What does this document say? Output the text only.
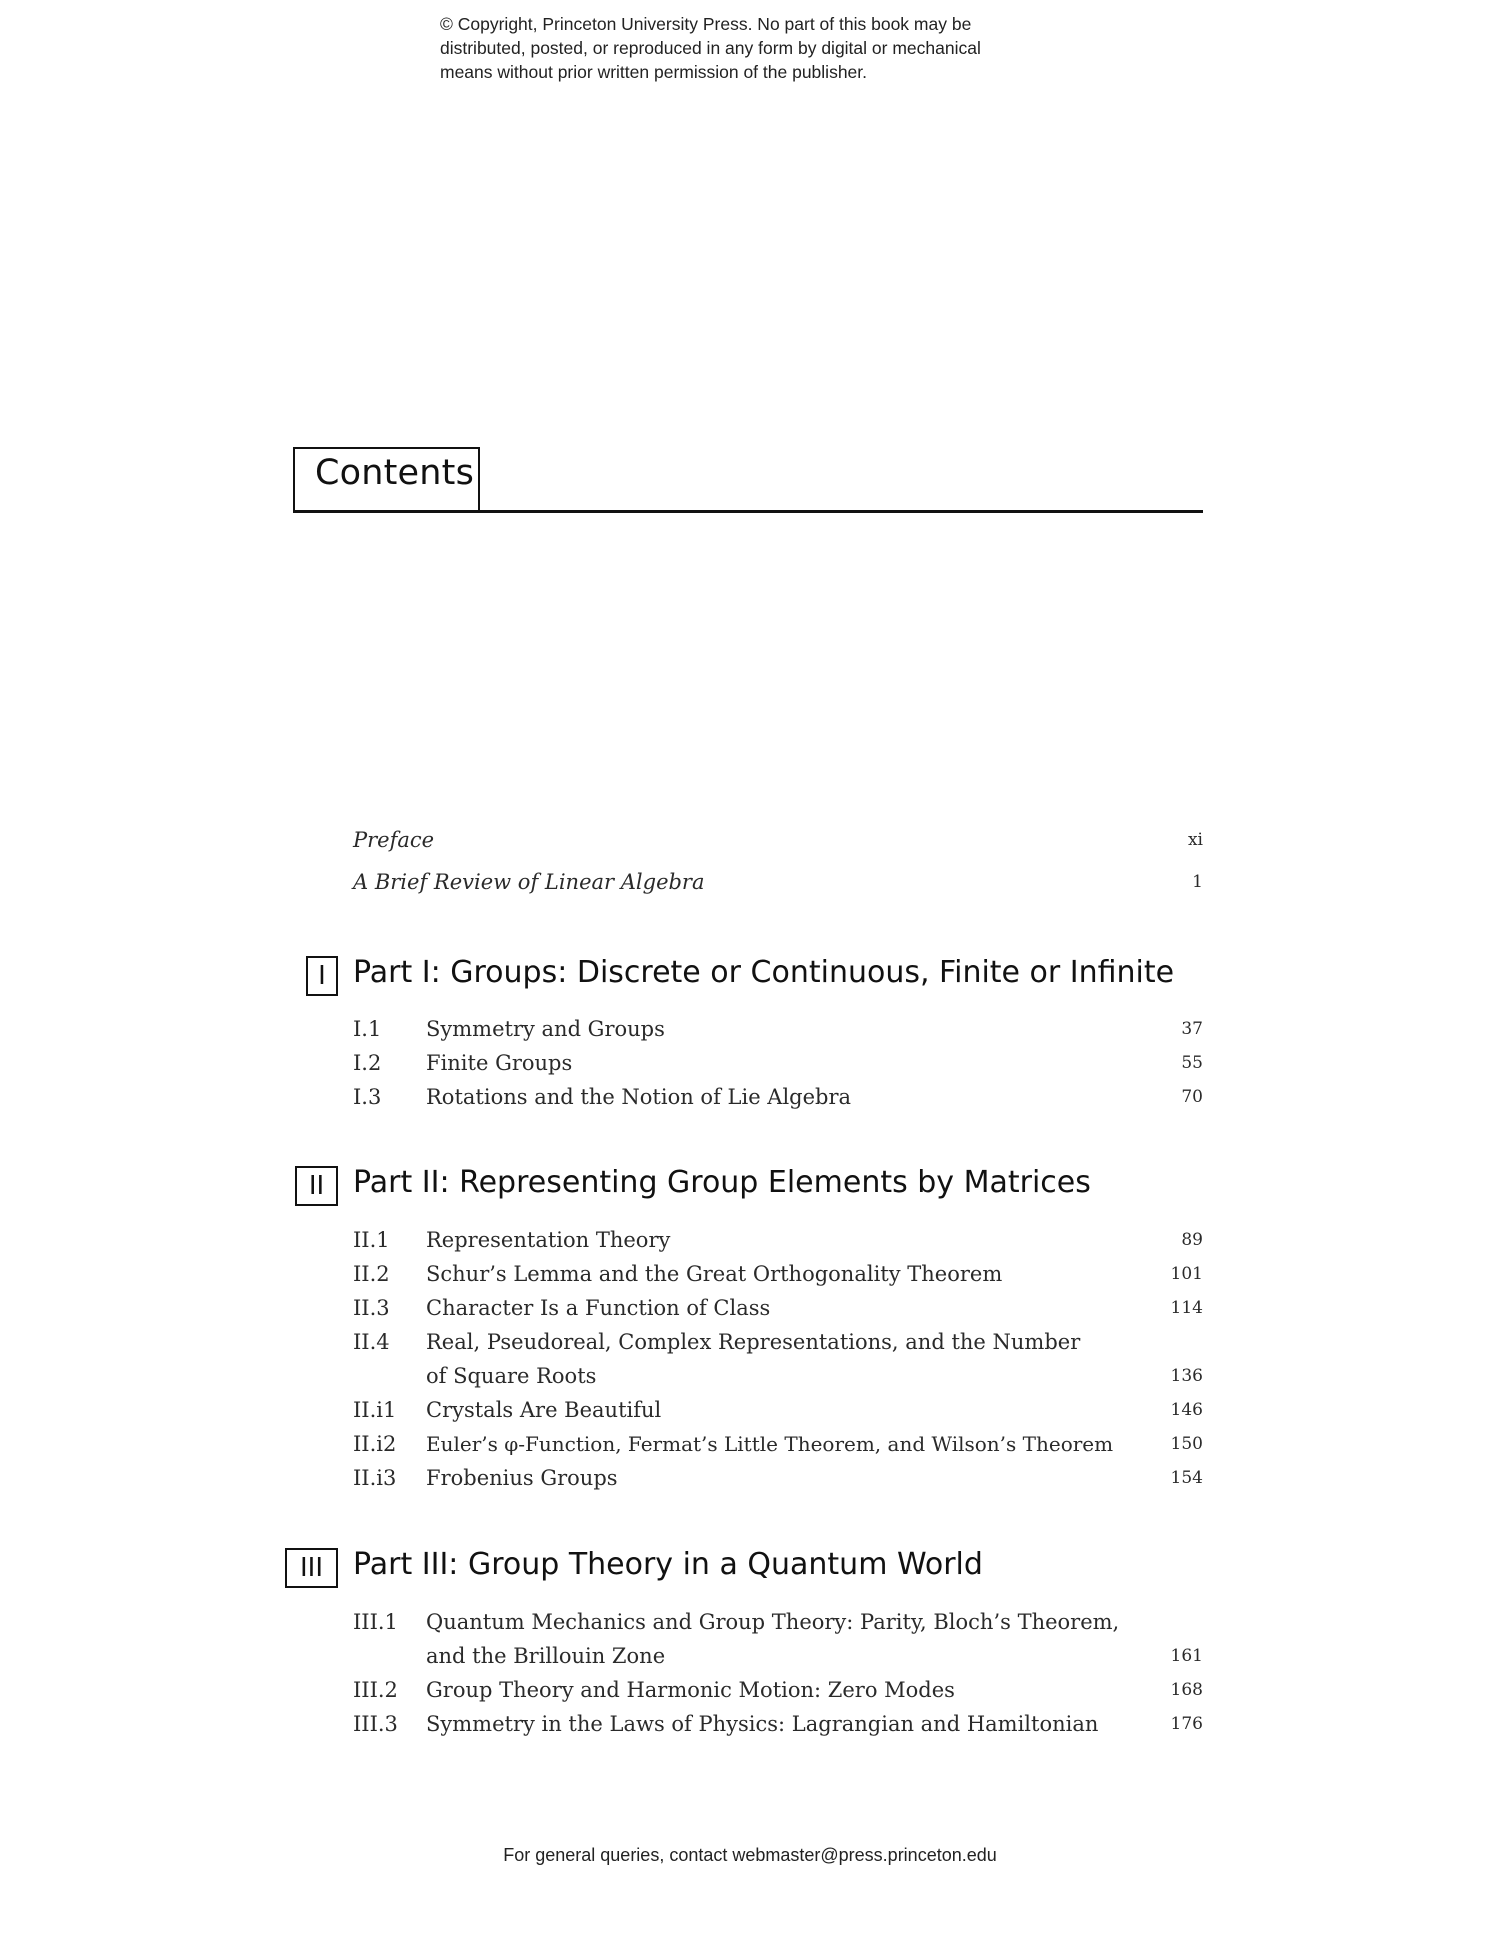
© Copyright, Princeton University Press. No part of this book may be
distributed, posted, or reproduced in any form by digital or mechanical
means without prior written permission of the publisher.
Contents
Preface	xi
A Brief Review of Linear Algebra	1
I Part I: Groups: Discrete or Continuous, Finite or Infinite
I.1 Symmetry and Groups	37
I.2 Finite Groups	55
I.3 Rotations and the Notion of Lie Algebra	70
II Part II: Representing Group Elements by Matrices
II.1 Representation Theory	89
II.2 Schur’s Lemma and the Great Orthogonality Theorem	101
II.3 Character Is a Function of Class	114
II.4 Real, Pseudoreal, Complex Representations, and the Number
of Square Roots	136
II.i1 Crystals Are Beautiful	146
II.i2 Euler’s φ-Function, Fermat’s Little Theorem, and Wilson’s Theorem	150
II.i3 Frobenius Groups	154
III	Part III: Group Theory in a Quantum World
III.1 Quantum Mechanics and Group Theory: Parity, Bloch’s Theorem,
and the Brillouin Zone	161
III.2 Group Theory and Harmonic Motion: Zero Modes	168
III.3 Symmetry in the Laws of Physics: Lagrangian and Hamiltonian	176
For general queries, contact webmaster@press.princeton.edu
